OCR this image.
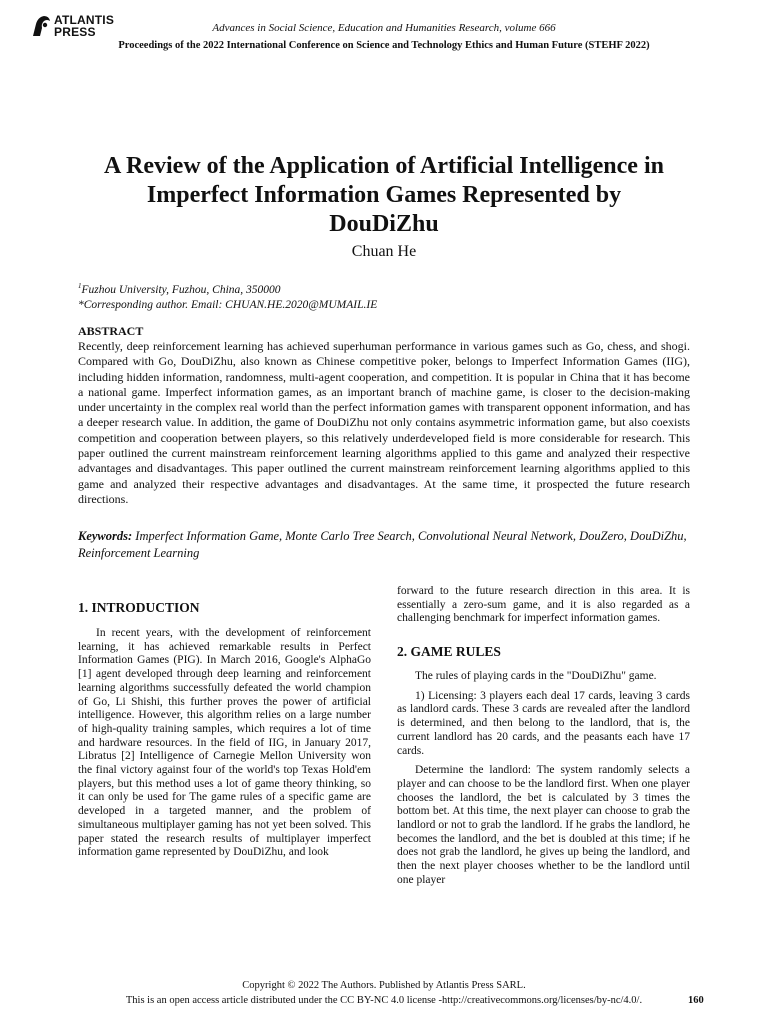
ATLANTIS
PRESS	Advances in Social Science, Education and Humanities Research, volume 666
Proceedings of the 2022 International Conference on Science and Technology Ethics and Human Future (STEHF 2022)
A Review of the Application of Artificial Intelligence in
Imperfect Information Games Represented by
DouDiZhu
Chuan He
$^1$Fuzhou University, Fuzhou, China, 350000
*Corresponding author. Email: CHUAN.HE.2020@MUMAIL.IE
ABSTRACT
Recently, deep reinforcement learning has achieved superhuman performance in various games such as Go, chess, and shogi. Compared with Go, DouDiZhu, also known as Chinese competitive poker, belongs to Imperfect Information Games (IIG), including hidden information, randomness, multi-agent cooperation, and competition. It is popular in China that it has become a national game. Imperfect information games, as an important branch of machine game, is closer to the decision-making under uncertainty in the complex real world than the perfect information games with transparent opponent information, and has a deeper research value. In addition, the game of DouDiZhu not only contains asymmetric information game, but also coexists competition and cooperation between players, so this relatively underdeveloped field is more considerable for research. This paper outlined the current mainstream reinforcement learning algorithms applied to this game and analyzed their respective advantages and disadvantages. This paper outlined the current mainstream reinforcement learning algorithms applied to this game and analyzed their respective advantages and disadvantages. At the same time, it prospected the future research directions.
Keywords: Imperfect Information Game, Monte Carlo Tree Search, Convolutional Neural Network, DouZero, DouDiZhu, Reinforcement Learning
1. INTRODUCTION

In recent years, with the development of reinforcement learning, it has achieved remarkable results in Perfect Information Games (PIG). In March 2016, Google's AlphaGo [1] agent developed through deep learning and reinforcement learning algorithms successfully defeated the world champion of Go, Li Shishi, this further proves the power of artificial intelligence. However, this algorithm relies on a large number of high-quality training samples, which requires a lot of time and hardware resources. In the field of IIG, in January 2017, Libratus [2] Intelligence of Carnegie Mellon University won the final victory against four of the world's top Texas Hold'em players, but this method uses a lot of game theory thinking, so it can only be used for The game rules of a specific game are developed in a targeted manner, and the problem of simultaneous multiplayer gaming has not yet been solved. This paper stated the research results of multiplayer imperfect information game represented by DouDiZhu, and look

forward to the future research direction in this area. It is essentially a zero-sum game, and it is also regarded as a challenging benchmark for imperfect information games.

2. GAME RULES

The rules of playing cards in the "DouDiZhu" game.

1) Licensing: 3 players each deal 17 cards, leaving 3 cards as landlord cards. These 3 cards are revealed after the landlord is determined, and then belong to the landlord, that is, the current landlord has 20 cards, and the peasants each have 17 cards.

Determine the landlord: The system randomly selects a player and can choose to be the landlord first. When one player chooses the landlord, the bet is calculated by 3 times the bottom bet. At this time, the next player can choose to grab the landlord or not to grab the landlord. If he grabs the landlord, he becomes the landlord, and the bet is doubled at this time; if he does not grab the landlord, he gives up being the landlord, and then the next player chooses whether to be the landlord until one player

Copyright © 2022 The Authors. Published by Atlantis Press SARL.
This is an open access article distributed under the CC BY-NC 4.0 license -http://creativecommons.org/licenses/by-nc/4.0/.	160
